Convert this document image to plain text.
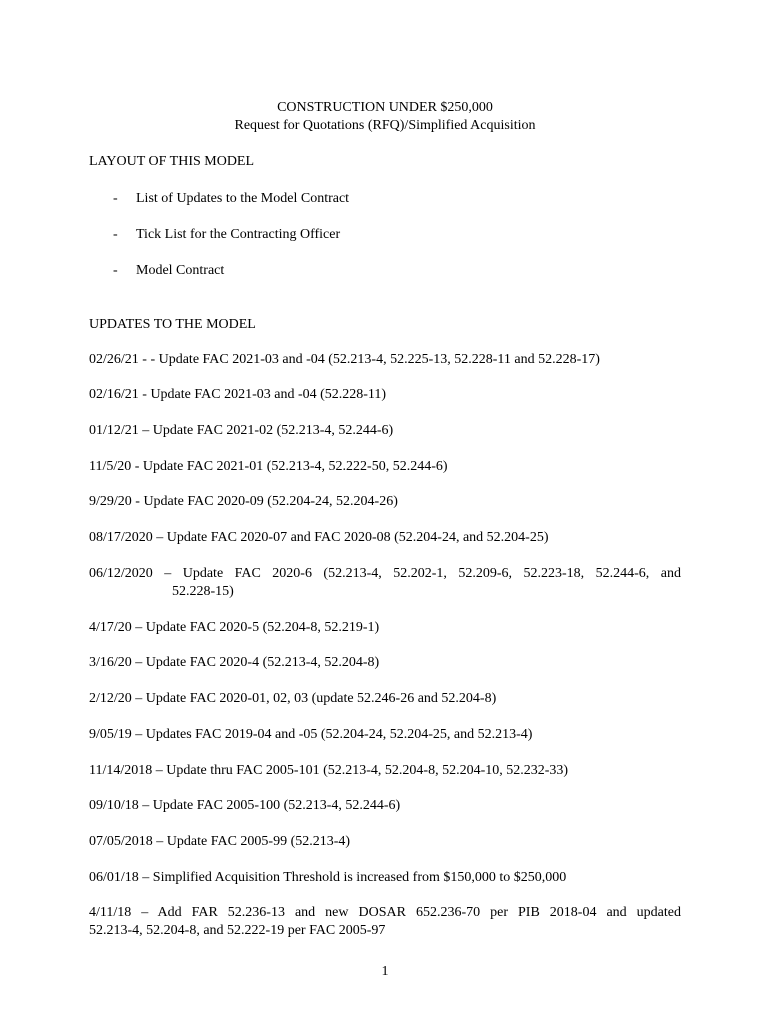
CONSTRUCTION UNDER $250,000
Request for Quotations (RFQ)/Simplified Acquisition
LAYOUT OF THIS MODEL
- List of Updates to the Model Contract
- Tick List for the Contracting Officer
- Model Contract
UPDATES TO THE MODEL
02/26/21 - - Update FAC 2021-03 and -04 (52.213-4, 52.225-13, 52.228-11 and 52.228-17)
02/16/21 - Update FAC 2021-03 and -04 (52.228-11)
01/12/21 – Update FAC 2021-02 (52.213-4, 52.244-6)
11/5/20 - Update FAC 2021-01 (52.213-4, 52.222-50, 52.244-6)
9/29/20 - Update FAC 2020-09 (52.204-24, 52.204-26)
08/17/2020 – Update FAC 2020-07 and FAC 2020-08 (52.204-24, and 52.204-25)
06/12/2020 – Update FAC 2020-6 (52.213-4, 52.202-1, 52.209-6, 52.223-18, 52.244-6, and
52.228-15)
4/17/20 – Update FAC 2020-5 (52.204-8, 52.219-1)
3/16/20 – Update FAC 2020-4 (52.213-4, 52.204-8)
2/12/20 – Update FAC 2020-01, 02, 03 (update 52.246-26 and 52.204-8)
9/05/19 – Updates FAC 2019-04 and -05 (52.204-24, 52.204-25, and 52.213-4)
11/14/2018 – Update thru FAC 2005-101 (52.213-4, 52.204-8, 52.204-10, 52.232-33)
09/10/18 – Update FAC 2005-100 (52.213-4, 52.244-6)
07/05/2018 – Update FAC 2005-99 (52.213-4)
06/01/18 – Simplified Acquisition Threshold is increased from $150,000 to $250,000
4/11/18 – Add FAR 52.236-13 and new DOSAR 652.236-70 per PIB 2018-04 and updated
52.213-4, 52.204-8, and 52.222-19 per FAC 2005-97
1
